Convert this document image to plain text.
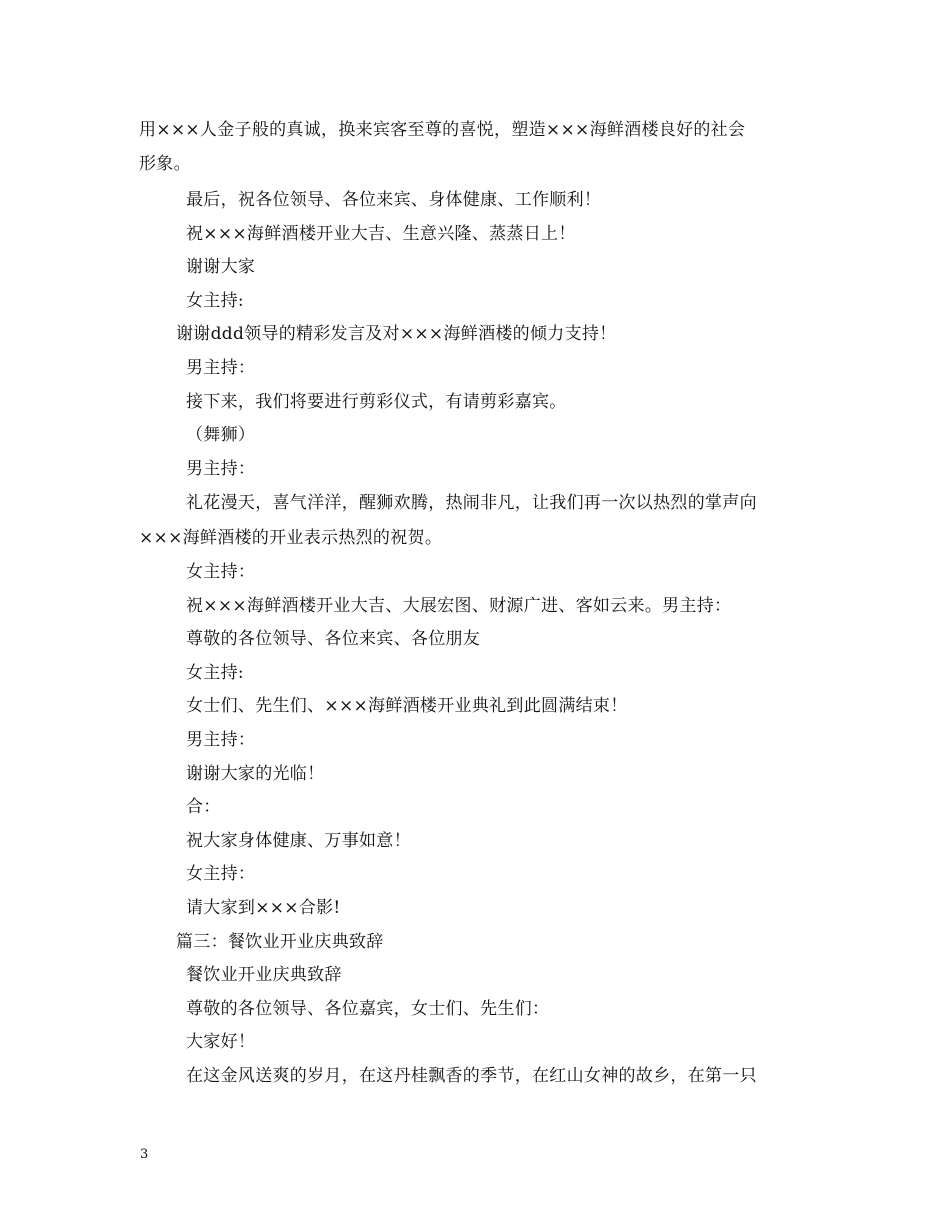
用×××人金子般的真诚，换来宾客至尊的喜悦，塑造×××海鲜酒楼良好的社会
形象。
最后，祝各位领导、各位来宾、身体健康、工作顺利！
祝×××海鲜酒楼开业大吉、生意兴隆、蒸蒸日上！
谢谢大家
女主持:
谢谢ddd领导的精彩发言及对×××海鲜酒楼的倾力支持！
男主持：
接下来，我们将要进行剪彩仪式，有请剪彩嘉宾。
（舞狮）
男主持：
礼花漫天，喜气洋洋，醒狮欢腾，热闹非凡，让我们再一次以热烈的掌声向
×××海鲜酒楼的开业表示热烈的祝贺。
女主持：
祝×××海鲜酒楼开业大吉、大展宏图、财源广进、客如云来。男主持：
尊敬的各位领导、各位来宾、各位朋友
女主持:
女士们、先生们、×××海鲜酒楼开业典礼到此圆满结束！
男主持：
谢谢大家的光临！
合：
祝大家身体健康、万事如意！
女主持：
请大家到×××合影!
篇三：餐饮业开业庆典致辞
餐饮业开业庆典致辞
尊敬的各位领导、各位嘉宾，女士们、先生们：
大家好！
在这金风送爽的岁月，在这丹桂飘香的季节，在红山女神的故乡，在第一只
3
